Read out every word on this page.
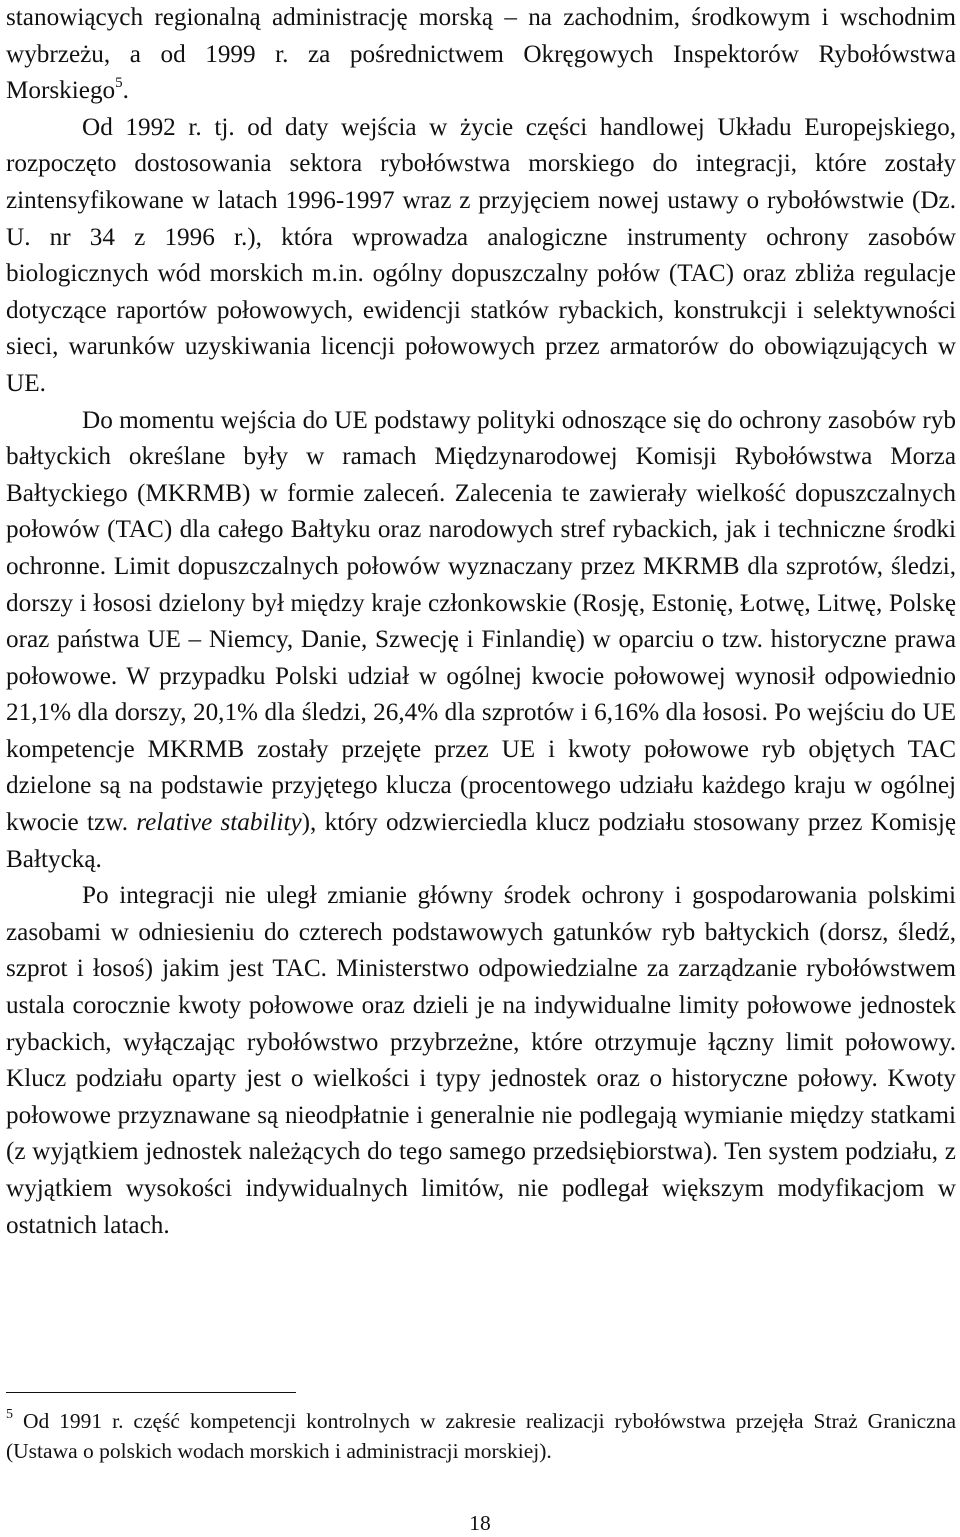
stanowiących regionalną administrację morską – na zachodnim, środkowym i wschodnim wybrzeżu, a od 1999 r. za pośrednictwem Okręgowych Inspektorów Rybołówstwa Morskiego$^5$.

Od 1992 r. tj. od daty wejścia w życie części handlowej Układu Europejskiego, rozpoczęto dostosowania sektora rybołówstwa morskiego do integracji, które zostały zintensyfikowane w latach 1996-1997 wraz z przyjęciem nowej ustawy o rybołówstwie (Dz. U. nr 34 z 1996 r.), która wprowadza analogiczne instrumenty ochrony zasobów biologicznych wód morskich m.in. ogólny dopuszczalny połów (TAC) oraz zbliża regulacje dotyczące raportów połowowych, ewidencji statków rybackich, konstrukcji i selektywności sieci, warunków uzyskiwania licencji połowowych przez armatorów do obowiązujących w UE.

Do momentu wejścia do UE podstawy polityki odnoszące się do ochrony zasobów ryb bałtyckich określane były w ramach Międzynarodowej Komisji Rybołówstwa Morza Bałtyckiego (MKRMB) w formie zaleceń. Zalecenia te zawierały wielkość dopuszczalnych połowów (TAC) dla całego Bałtyku oraz narodowych stref rybackich, jak i techniczne środki ochronne. Limit dopuszczalnych połowów wyznaczany przez MKRMB dla szprotów, śledzi, dorszy i łososi dzielony był między kraje członkowskie (Rosję, Estonię, Łotwę, Litwę, Polskę oraz państwa UE – Niemcy, Danie, Szwecję i Finlandię) w oparciu o tzw. historyczne prawa połowowe. W przypadku Polski udział w ogólnej kwocie połowowej wynosił odpowiednio 21,1% dla dorszy, 20,1% dla śledzi, 26,4% dla szprotów i 6,16% dla łososi. Po wejściu do UE kompetencje MKRMB zostały przejęte przez UE i kwoty połowowe ryb objętych TAC dzielone są na podstawie przyjętego klucza (procentowego udziału każdego kraju w ogólnej kwocie tzw. relative stability), który odzwierciedla klucz podziału stosowany przez Komisję Bałtycką.

Po integracji nie uległ zmianie główny środek ochrony i gospodarowania polskimi zasobami w odniesieniu do czterech podstawowych gatunków ryb bałtyckich (dorsz, śledź, szprot i łosoś) jakim jest TAC. Ministerstwo odpowiedzialne za zarządzanie rybołówstwem ustala corocznie kwoty połowowe oraz dzieli je na indywidualne limity połowowe jednostek rybackich, wyłączając rybołówstwo przybrzeżne, które otrzymuje łączny limit połowowy. Klucz podziału oparty jest o wielkości i typy jednostek oraz o historyczne połowy. Kwoty połowowe przyznawane są nieodpłatnie i generalnie nie podlegają wymianie między statkami (z wyjątkiem jednostek należących do tego samego przedsiębiorstwa). Ten system podziału, z wyjątkiem wysokości indywidualnych limitów, nie podlegał większym modyfikacjom w ostatnich latach.

$^5$ Od 1991 r. część kompetencji kontrolnych w zakresie realizacji rybołówstwa przejęła Straż Graniczna (Ustawa o polskich wodach morskich i administracji morskiej).

18
